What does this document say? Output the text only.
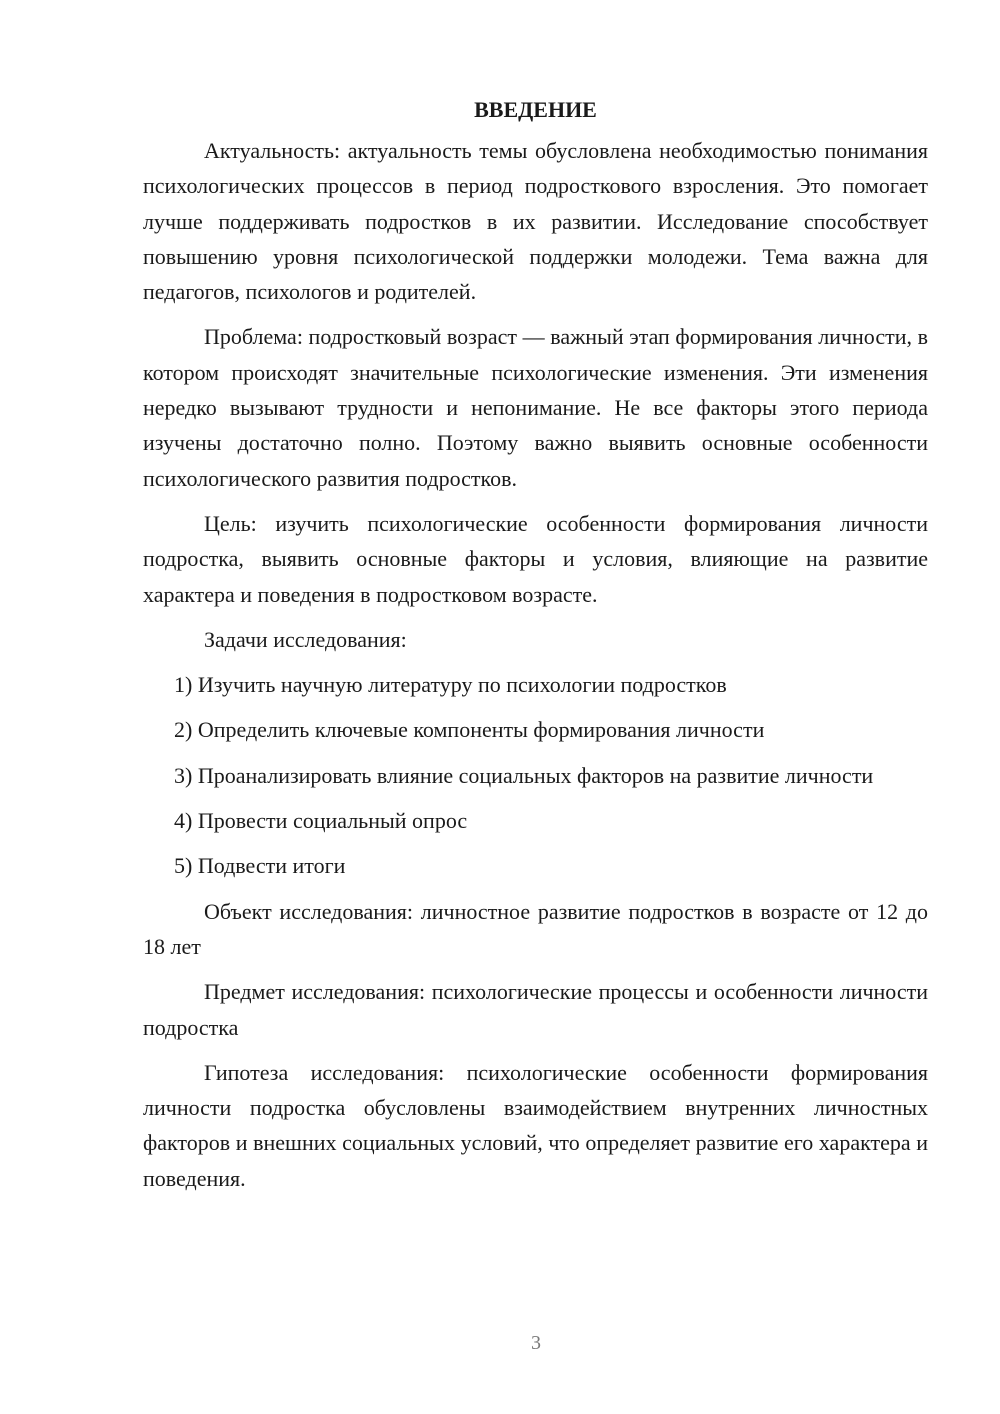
ВВЕДЕНИЕ
Актуальность: актуальность темы обусловлена необходимостью понимания психологических процессов в период подросткового взросления. Это помогает лучше поддерживать подростков в их развитии. Исследование способствует повышению уровня психологической поддержки молодежи. Тема важна для педагогов, психологов и родителей.
Проблема: подростковый возраст — важный этап формирования личности, в котором происходят значительные психологические изменения. Эти изменения нередко вызывают трудности и непонимание. Не все факторы этого периода изучены достаточно полно. Поэтому важно выявить основные особенности психологического развития подростков.
Цель: изучить психологические особенности формирования личности подростка, выявить основные факторы и условия, влияющие на развитие характера и поведения в подростковом возрасте.
Задачи исследования:
1) Изучить научную литературу по психологии подростков
2) Определить ключевые компоненты формирования личности
3) Проанализировать влияние социальных факторов на развитие личности
4) Провести социальный опрос
5) Подвести итоги
Объект исследования: личностное развитие подростков в возрасте от 12 до 18 лет
Предмет исследования: психологические процессы и особенности личности подростка
Гипотеза исследования: психологические особенности формирования личности подростка обусловлены взаимодействием внутренних личностных факторов и внешних социальных условий, что определяет развитие его характера и поведения.
3
